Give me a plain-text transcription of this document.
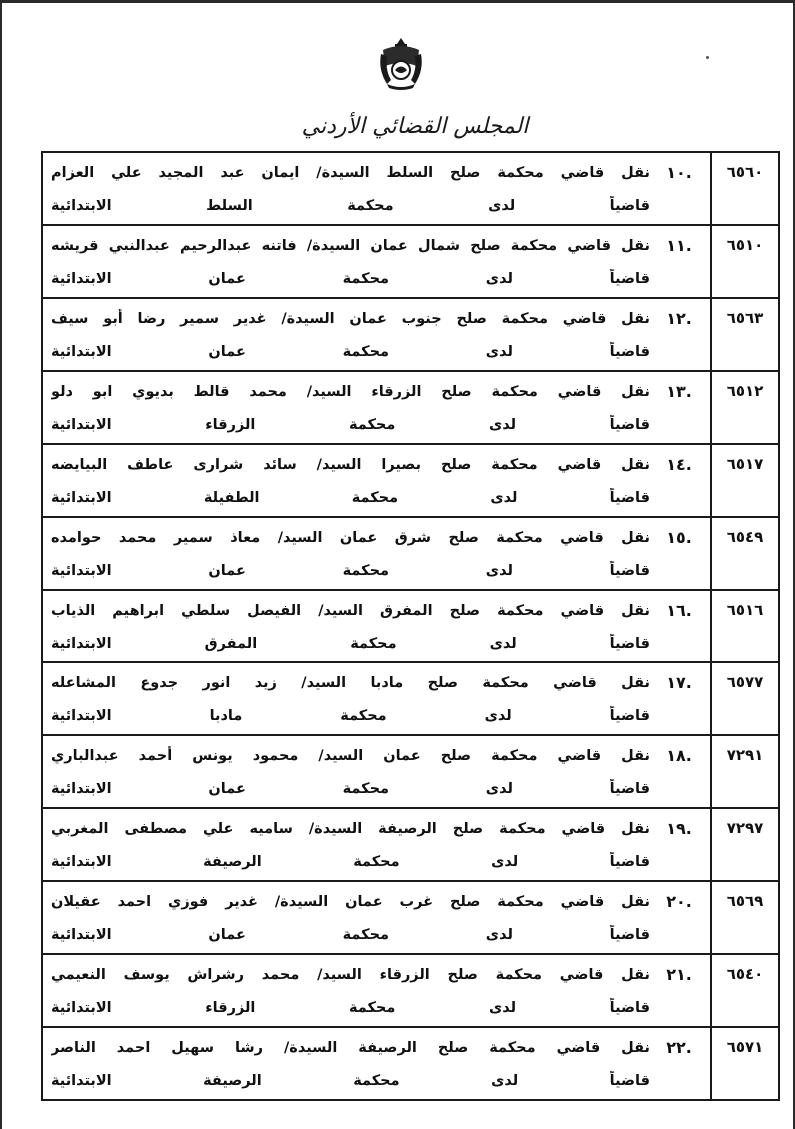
المجلس القضائي الأردني
٦٥٦٠	.١٠
نقل قاضي محكمة صلح السلط السيدة/ ايمان عبد المجيد علي العزام
قاضياً لدى محكمة السلط الابتدائية

٦٥١٠	.١١
نقل قاضي محكمة صلح شمال عمان السيدة/ فاتنه عبدالرحيم عبدالنبي قريشه
قاضياً لدى محكمة عمان الابتدائية

٦٥٦٣	.١٢
نقل قاضي محكمة صلح جنوب عمان السيدة/ غدير سمير رضا أبو سيف
قاضياً لدى محكمة عمان الابتدائية

٦٥١٢	.١٣
نقل قاضي محكمة صلح الزرقاء السيد/ محمد قالط بديوي ابو دلو
قاضياً لدى محكمة الزرقاء الابتدائية

٦٥١٧	.١٤
نقل قاضي محكمة صلح بصيرا السيد/ سائد شرارى عاطف البيايضه
قاضياً لدى محكمة الطفيلة الابتدائية

٦٥٤٩	.١٥
نقل قاضي محكمة صلح شرق عمان السيد/ معاذ سمير محمد حوامده
قاضياً لدى محكمة عمان الابتدائية

٦٥١٦	.١٦
نقل قاضي محكمة صلح المفرق السيد/ الفيصل سلطي ابراهيم الذياب
قاضياً لدى محكمة المفرق الابتدائية

٦٥٧٧	.١٧
نقل قاضي محكمة صلح مادبا السيد/ زيد انور جدوع المشاعله
قاضياً لدى محكمة مادبا الابتدائية

٧٢٩١	.١٨
نقل قاضي محكمة صلح عمان السيد/ محمود يونس أحمد عبدالباري
قاضياً لدى محكمة عمان الابتدائية

٧٢٩٧	.١٩
نقل قاضي محكمة صلح الرصيفة السيدة/ ساميه علي مصطفى المغربي
قاضياً لدى محكمة الرصيفة الابتدائية

٦٥٦٩	.٢٠
نقل قاضي محكمة صلح غرب عمان السيدة/ غدير فوزي احمد عقيلان
قاضياً لدى محكمة عمان الابتدائية

٦٥٤٠	.٢١
نقل قاضي محكمة صلح الزرقاء السيد/ محمد رشراش يوسف النعيمي
قاضياً لدى محكمة الزرقاء الابتدائية

٦٥٧١	.٢٢
نقل قاضي محكمة صلح الرصيفة السيدة/ رشا سهيل احمد الناصر
قاضياً لدى محكمة الرصيفة الابتدائية
